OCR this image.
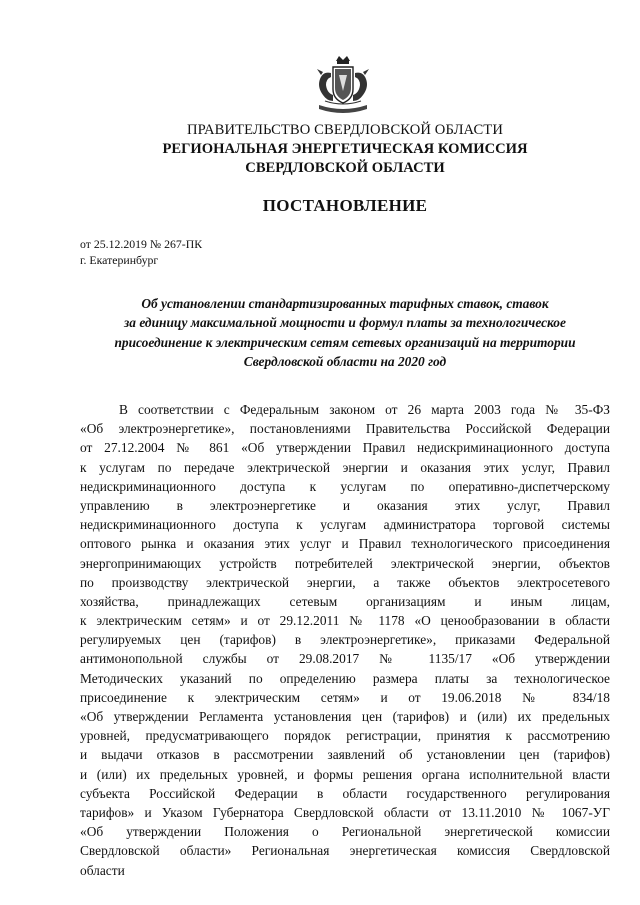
ПРАВИТЕЛЬСТВО СВЕРДЛОВСКОЙ ОБЛАСТИ
РЕГИОНАЛЬНАЯ ЭНЕРГЕТИЧЕСКАЯ КОМИССИЯ
СВЕРДЛОВСКОЙ ОБЛАСТИ
ПОСТАНОВЛЕНИЕ
от 25.12.2019 № 267-ПК
г. Екатеринбург
Об установлении стандартизированных тарифных ставок, ставок
за единицу максимальной мощности и формул платы за технологическое
присоединение к электрическим сетям сетевых организаций на территории
Свердловской области на 2020 год
В соответствии с Федеральным законом от 26 марта 2003 года № 35-ФЗ
«Об электроэнергетике», постановлениями Правительства Российской Федерации
от 27.12.2004 № 861 «Об утверждении Правил недискриминационного доступа
к услугам по передаче электрической энергии и оказания этих услуг, Правил
недискриминационного доступа к услугам по оперативно-диспетчерскому
управлению в электроэнергетике и оказания этих услуг, Правил
недискриминационного доступа к услугам администратора торговой системы
оптового рынка и оказания этих услуг и Правил технологического присоединения
энергопринимающих устройств потребителей электрической энергии, объектов
по производству электрической энергии, а также объектов электросетевого
хозяйства, принадлежащих сетевым организациям и иным лицам,
к электрическим сетям» и от 29.12.2011 № 1178 «О ценообразовании в области
регулируемых цен (тарифов) в электроэнергетике», приказами Федеральной
антимонопольной службы от 29.08.2017 № 1135/17 «Об утверждении
Методических указаний по определению размера платы за технологическое
присоединение к электрическим сетям» и от 19.06.2018 № 834/18
«Об утверждении Регламента установления цен (тарифов) и (или) их предельных
уровней, предусматривающего порядок регистрации, принятия к рассмотрению
и выдачи отказов в рассмотрении заявлений об установлении цен (тарифов)
и (или) их предельных уровней, и формы решения органа исполнительной власти
субъекта Российской Федерации в области государственного регулирования
тарифов» и Указом Губернатора Свердловской области от 13.11.2010 № 1067-УГ
«Об утверждении Положения о Региональной энергетической комиссии
Свердловской области» Региональная энергетическая комиссия Свердловской
области
